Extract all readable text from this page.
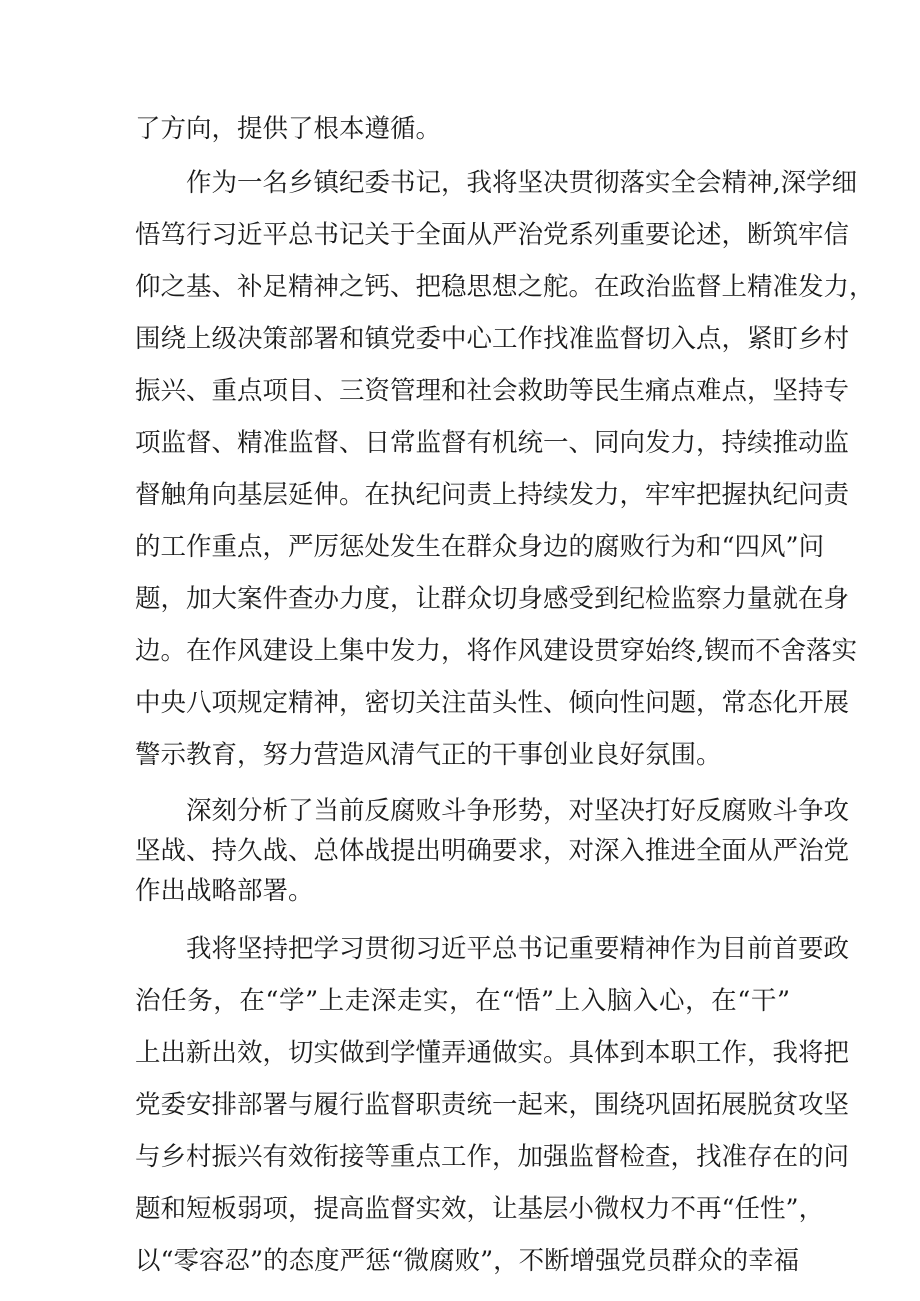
了方向，提供了根本遵循。

作为一名乡镇纪委书记，我将坚决贯彻落实全会精神,深学细

悟笃行习近平总书记关于全面从严治党系列重要论述，断筑牢信

仰之基、补足精神之钙、把稳思想之舵。在政治监督上精准发力，

围绕上级决策部署和镇党委中心工作找准监督切入点，紧盯乡村

振兴、重点项目、三资管理和社会救助等民生痛点难点，坚持专

项监督、精准监督、日常监督有机统一、同向发力，持续推动监

督触角向基层延伸。在执纪问责上持续发力，牢牢把握执纪问责

的工作重点，严厉惩处发生在群众身边的腐败行为和“四风”问

题，加大案件查办力度，让群众切身感受到纪检监察力量就在身

边。在作风建设上集中发力，将作风建设贯穿始终,锲而不舍落实

中央八项规定精神，密切关注苗头性、倾向性问题，常态化开展

警示教育，努力营造风清气正的干事创业良好氛围。

深刻分析了当前反腐败斗争形势，对坚决打好反腐败斗争攻

坚战、持久战、总体战提出明确要求，对深入推进全面从严治党

作出战略部署。

我将坚持把学习贯彻习近平总书记重要精神作为目前首要政

治任务，在“学”上走深走实，在“悟”上入脑入心，在“干”

上出新出效，切实做到学懂弄通做实。具体到本职工作，我将把

党委安排部署与履行监督职责统一起来，围绕巩固拓展脱贫攻坚

与乡村振兴有效衔接等重点工作，加强监督检查，找准存在的问

题和短板弱项，提高监督实效，让基层小微权力不再“任性”，

以“零容忍”的态度严惩“微腐败”，不断增强党员群众的幸福
